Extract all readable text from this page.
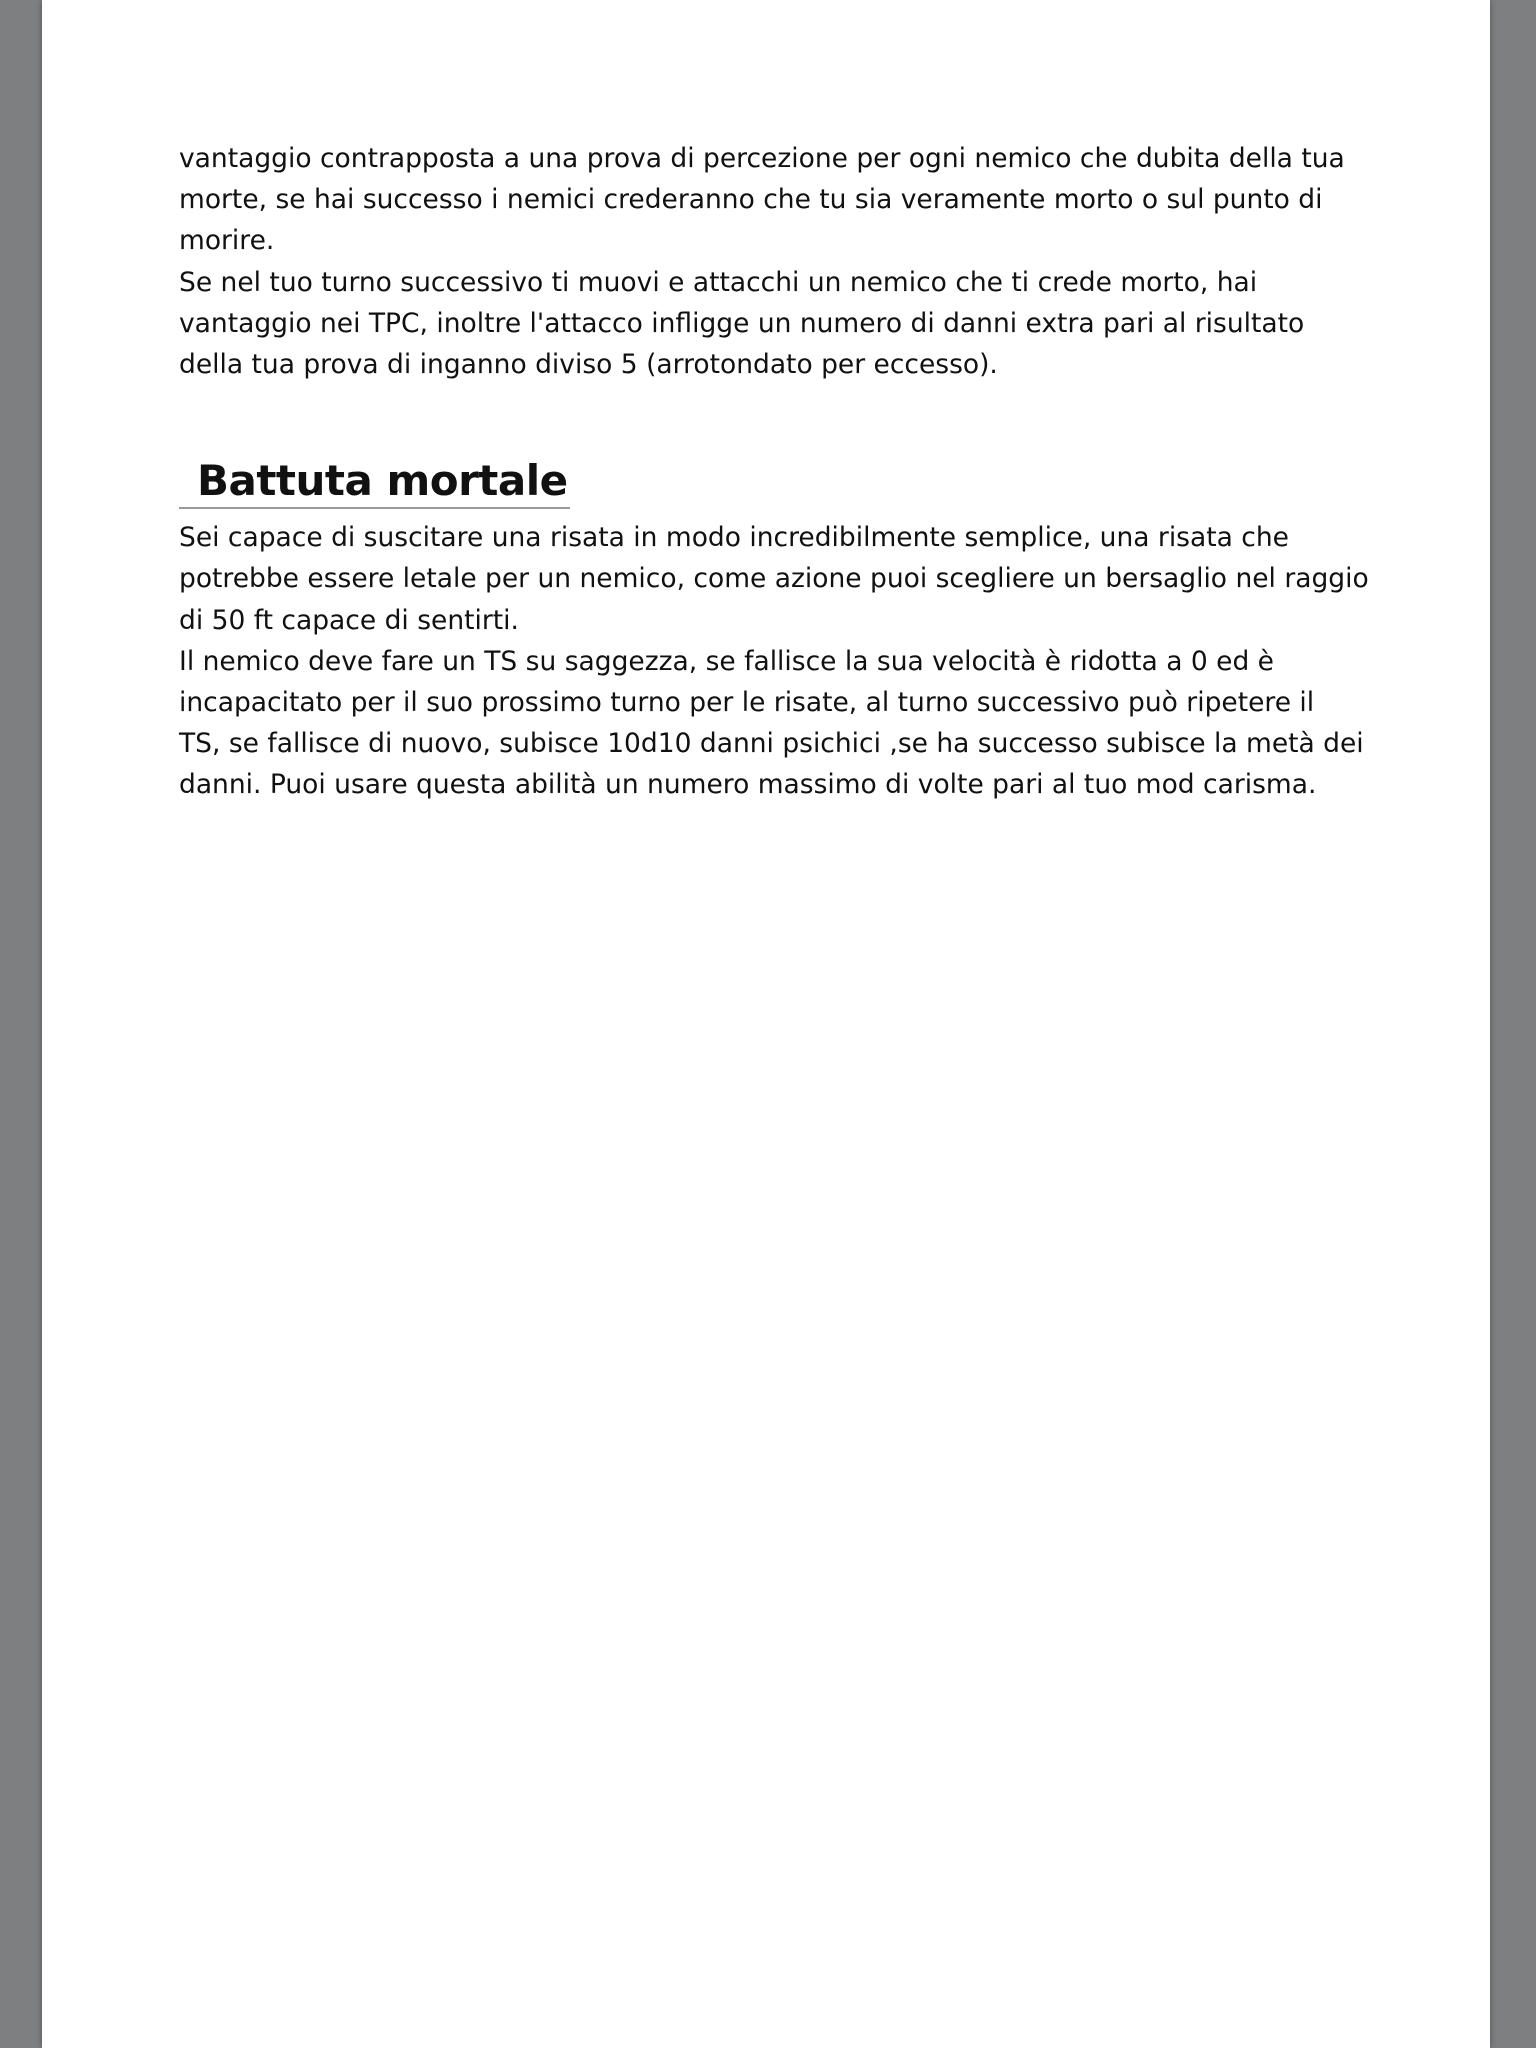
vantaggio contrapposta a una prova di percezione per ogni nemico che dubita della tua
morte, se hai successo i nemici crederanno che tu sia veramente morto o sul punto di
morire.
Se nel tuo turno successivo ti muovi e attacchi un nemico che ti crede morto, hai
vantaggio nei TPC, inoltre l'attacco infligge un numero di danni extra pari al risultato
della tua prova di inganno diviso 5 (arrotondato per eccesso).

Battuta mortale

Sei capace di suscitare una risata in modo incredibilmente semplice, una risata che
potrebbe essere letale per un nemico, come azione puoi scegliere un bersaglio nel raggio
di 50 ft capace di sentirti.
Il nemico deve fare un TS su saggezza, se fallisce la sua velocità è ridotta a 0 ed è
incapacitato per il suo prossimo turno per le risate, al turno successivo può ripetere il
TS, se fallisce di nuovo, subisce 10d10 danni psichici ,se ha successo subisce la metà dei
danni. Puoi usare questa abilità un numero massimo di volte pari al tuo mod carisma.
